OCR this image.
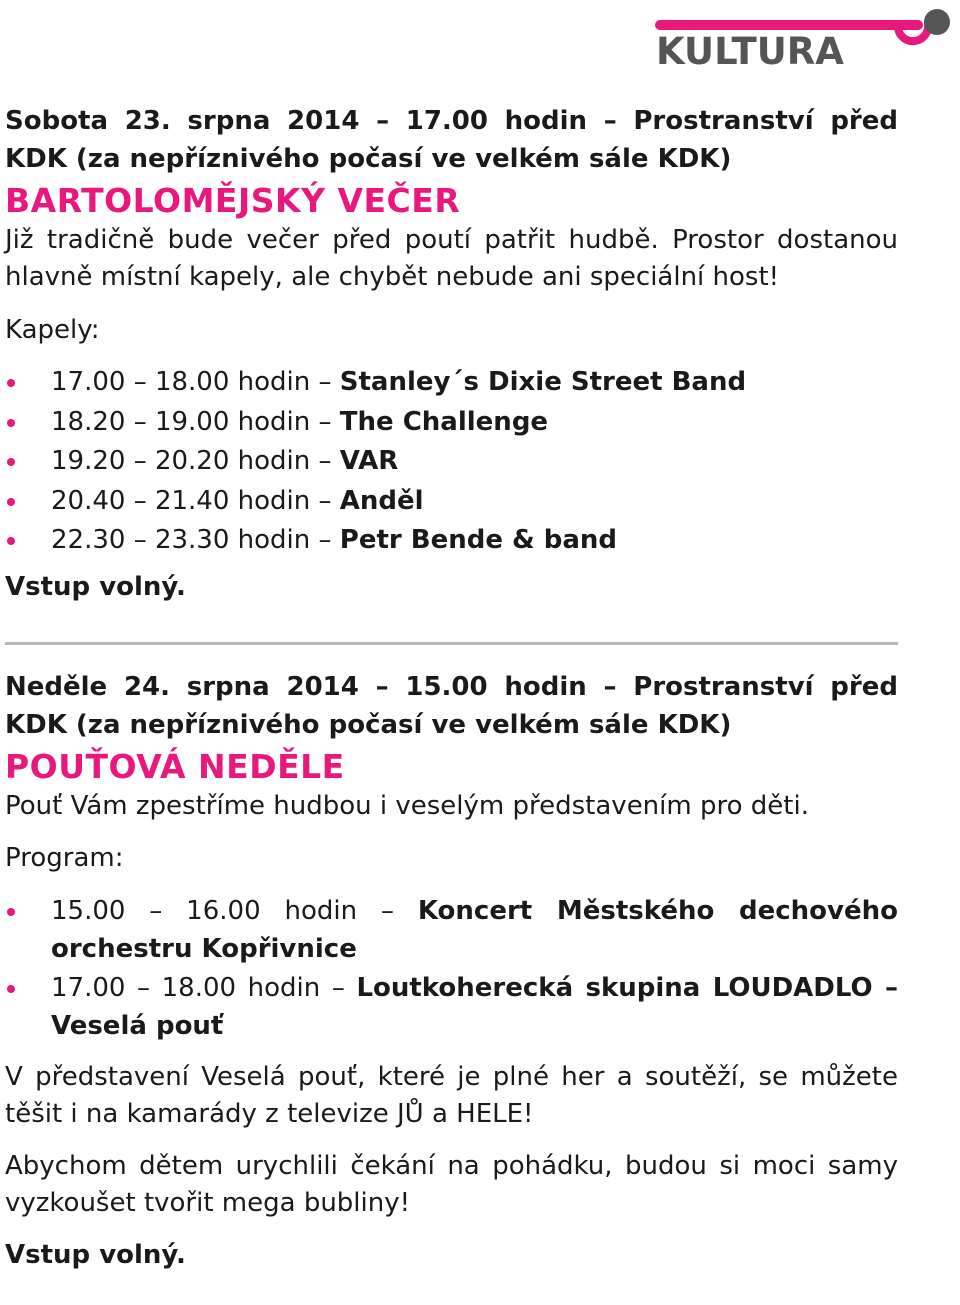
KULTURA

Sobota 23. srpna 2014 – 17.00 hodin – Prostranství před KDK (za nepříznivého počasí ve velkém sále KDK)

BARTOLOMĚJSKÝ VEČER

Již tradičně bude večer před poutí patřit hudbě. Prostor dostanou hlavně místní kapely, ale chybět nebude ani speciální host!

Kapely:

17.00 – 18.00 hodin – Stanley´s Dixie Street Band
18.20 – 19.00 hodin – The Challenge
19.20 – 20.20 hodin – VAR
20.40 – 21.40 hodin – Anděl
22.30 – 23.30 hodin – Petr Bende & band

Vstup volný.

Neděle 24. srpna 2014 – 15.00 hodin – Prostranství před KDK (za nepříznivého počasí ve velkém sále KDK)

POUŤOVÁ NEDĚLE

Pouť Vám zpestříme hudbou i veselým představením pro děti.

Program:

15.00 – 16.00 hodin – Koncert Městského dechového orchestru Kopřivnice
17.00 – 18.00 hodin – Loutkoherecká skupina LOUDADLO – Veselá pouť

V představení Veselá pouť, které je plné her a soutěží, se můžete těšit i na kamarády z televize JŮ a HELE!

Abychom dětem urychlili čekání na pohádku, budou si moci samy vyzkoušet tvořit mega bubliny!

Vstup volný.
